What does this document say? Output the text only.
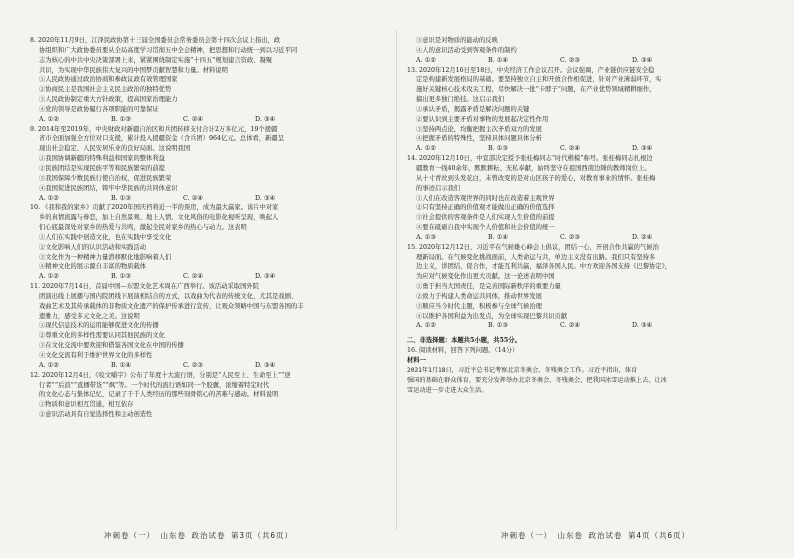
8. 2020年11月9日，江泽民政协第十三届全国委员会常务委员会第十四次会议上指出，政
协组织和广大政协委员要从全局高度学习贯彻五中全会精神，把思想和行动统一到以习近平同
志为核心的中共中央决策部署上来，紧紧围绕制定实施“十四五”规划建言资政、凝聚
共识，为实现中华民族伟大复兴的中国梦贡献智慧和力量。材料说明
①人民政协通过政治协商和参政议政有效管理国家
②协商民主是我国社会主义民主政治的独特优势
③人民政协制定重大方针政策，提高国家治理能力
④党的领导是政协履行各项职能的可靠保证
A. ①②	B. ①③	C. ②④	D. ③④
9. 2014年至2019年，中央财政对新疆自治区和兵团转移支付合计2万多亿元，19个援疆
省市全面加强全方位对口支援，累计投入援疆资金（含兵团）964亿元。总体看，新疆呈
现出社会稳定、人民安居乐业的良好局面。这说明我国
①我国协调新疆的特殊利益和国家的整体利益
②民族团结是实现民族平等和民族繁荣的前提
③我国保障少数民族行使自治权，促进民族繁荣
④我国促进民族团结，铸牢中华民族的共同体意识
A. ①②	B. ①③	C. ②④	D. ③④
10. 《我和我的家乡》贡献了2020年国庆档将近一半的票房，成为最大赢家。该片中对家
乡的真情流露与眷恋，加上自然景观、地上人情、文化风俗的电影化视听呈现，唤起人
们心底最深处对家乡的热爱与共鸣，激起全民对家乡的热心与动力。这表明
①人们在实践中创造文化，也在实践中享受文化
②文化影响人们的认识活动和实践活动
③文化作为一种精神力量潜移默化地影响着人们
④精神文化的展示源自丰富的物质载体
A. ①②	B. ①③	C. ②④	D. ③④
11. 2020年7月14日，首届中国—东盟文化艺术周在广西举行。该活动采取国外院
团演出线上展播与国内院团线下展演相结合的方式，以戏曲为代表的传统文化，尤其是戏剧、
戏曲艺术及其传承载体的非物质文化遗产的保护传承进行宣传，让观众领略中国与东盟各国的丰
遗雅力，感受多元文化之美。这说明
①现代信息技术的运用能够促进文化的传播
②尊重文化的多样性需要认同其他民族的文化
③在文化交流中要欢迎和借鉴各国文化在中国的传播
④文化交流有利于维护世界文化的多样性
A. ①②	B. ①④	C. ②③	D. ③④
12. 2020年12月4日，《咬文嚼字》公布了年度十大流行语，分别是“人民至上、生命至上”“逆
行者”“后浪”“直播带货”“飒”等。一个时代的流行语如同一个胶囊，浓缩着特定时代
的文化心态与集体记忆，记录了千千人类经历的那些刻骨铭心的苦难与感动。材料说明
①物质和意识相互贯通，相互依存
②意识活动具有自觉选择性和主动创造性
冲刺卷（一） 山东卷 政治试卷 第3页（共6页）
③意识是对物质的能动的反映
④人的意识活动受到客观条件的制约
A. ①②	B. ①④	C. ②③	D. ③④
13. 2020年12月16日至18日，中央经济工作会议召开。会议强调，产业链供应链安全稳
定是构建新发展格局的基础。要坚持独立自主和开放合作相促进，针对产业薄弱环节，实
施好关键核心技术攻关工程，尽快解决一批“卡脖子”问题，在产业优势领域精耕细作，
搞出更多独门绝技。这启示我们
①承认矛盾，揭露矛盾是解决问题的关键
②要认识到主要矛盾对事物的发展起决定性作用
③坚持两点论，均衡把握主次矛盾双方的发展
④把握矛盾的特殊性，坚持具体问题具体分析
A. ①②	B. ①③	C. ②④	D. ③④
14. 2020年12月10日，中宣部决定授予张桂梅同志“时代楷模”称号。张桂梅同志扎根边
疆教育一线40余年，默默耕耘、无私奉献，始终坚守在祖国西南边陲的教师岗位上。
从十寸青丝到头发花白，未曾改变的是对山区孩子的爱心，对教育事业的情怀。张桂梅
的事迹启示我们
①人们在改造客观世界的同时也在改造着主观世界
②只有坚持正确的价值观才能做出正确的价值选择
③社会提供的客观条件是人们实现人生价值的前提
④要在砥砺自我中实现个人价值和社会价值的统一
A. ①③	B. ①④	C. ②③	D. ②④
15. 2020年12月12日，习近平在气候雄心峰会上倡议，团结一心，开创合作共赢的气候治
理新局面。在气候变化挑战面前，人类命运与共，单边主义没有出路。我们只有坚持多
边主义，讲团结，促合作，才能互利共赢，福泽各国人民。中方欢迎各国支持《巴黎协定》，
为应对气候变化作出更大贡献。这一论述表明中国
①勇于担当大国责任，是完善国际新秩序的重要力量
②致力于构建人类命运共同体，推动世界发展
③顺应当今时代主题，积极参与全球气候治理
④以维护各国利益为出发点，为全球实现巴黎共识贡献
A. ①②	B. ①③	C. ②④	D. ③④
二、非选择题：本题共5小题，共55分。
16. 阅读材料，回答下列问题。（14分）
材料一
2021年1月18日，习近平总书记考察北京冬奥会、冬残奥会工作。习近平指出，体育
强国的基础在群众体育，要充分发挥举办北京冬奥会、冬残奥会，把我国冰雪运动推上去，让冰
雪运动进一步走进大众生活。
冲刺卷（一） 山东卷 政治试卷 第4页（共6页）
